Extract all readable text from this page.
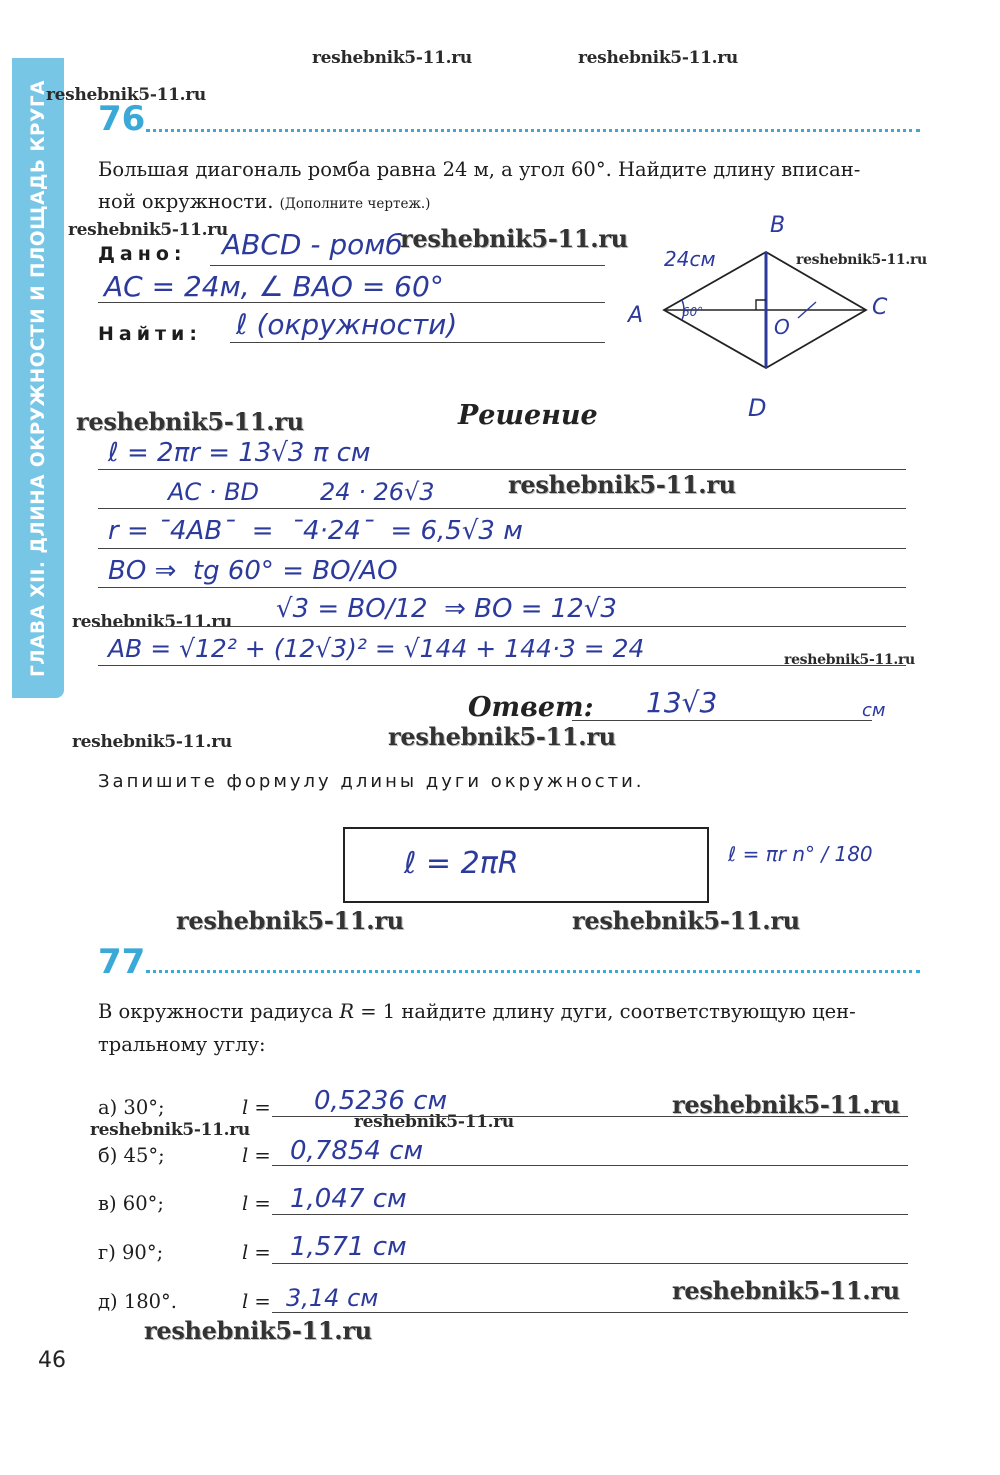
ГЛАВА XII. ДЛИНА ОКРУЖНОСТИ И ПЛОЩАДЬ КРУГА
reshebnik5-11.ru	reshebnik5-11.ru
reshebnik5-11.ru
reshebnik5-11.ru	reshebnik5-11.ru
reshebnik5-11.ru
reshebnik5-11.ru
reshebnik5-11.ru
reshebnik5-11.ru
reshebnik5-11.ru
reshebnik5-11.ru	reshebnik5-11.ru
reshebnik5-11.ru	reshebnik5-11.ru
reshebnik5-11.ru
reshebnik5-11.ru	reshebnik5-11.ru
reshebnik5-11.ru
reshebnik5-11.ru
76
Большая диагональ ромба равна 24 м, а угол 60°. Найдите длину вписан-
ной окружности. (Дополните чертеж.)
Дано: ABCD - ромб
AC = 24м, ∠ BAO = 60°
Найти: ℓ (окружности)
B
A	C
D
O
24см
60°
Решение
ℓ = 2πr = 13√3 π см
AC · BD        24 · 26√3
r = ¯4AB¯  =  ¯4·24¯  = 6,5√3 м
BO ⇒  tg 60° = BO/AO
√3 = BO/12  ⇒ BO = 12√3
AB = √12² + (12√3)² = √144 + 144·3 = 24
Ответ: 13√3	см
Запишите формулу длины дуги окружности.
ℓ = 2πR	ℓ = πr n° / 180
77
В окружности радиуса R = 1 найдите длину дуги, соответствующую цен-
тральному углу:
а) 30°;	l = 0,5236 см
б) 45°;	l = 0,7854 см
в) 60°;	l = 1,047 см
г) 90°;	l = 1,571 см
д) 180°.	l = 3,14 см
46
